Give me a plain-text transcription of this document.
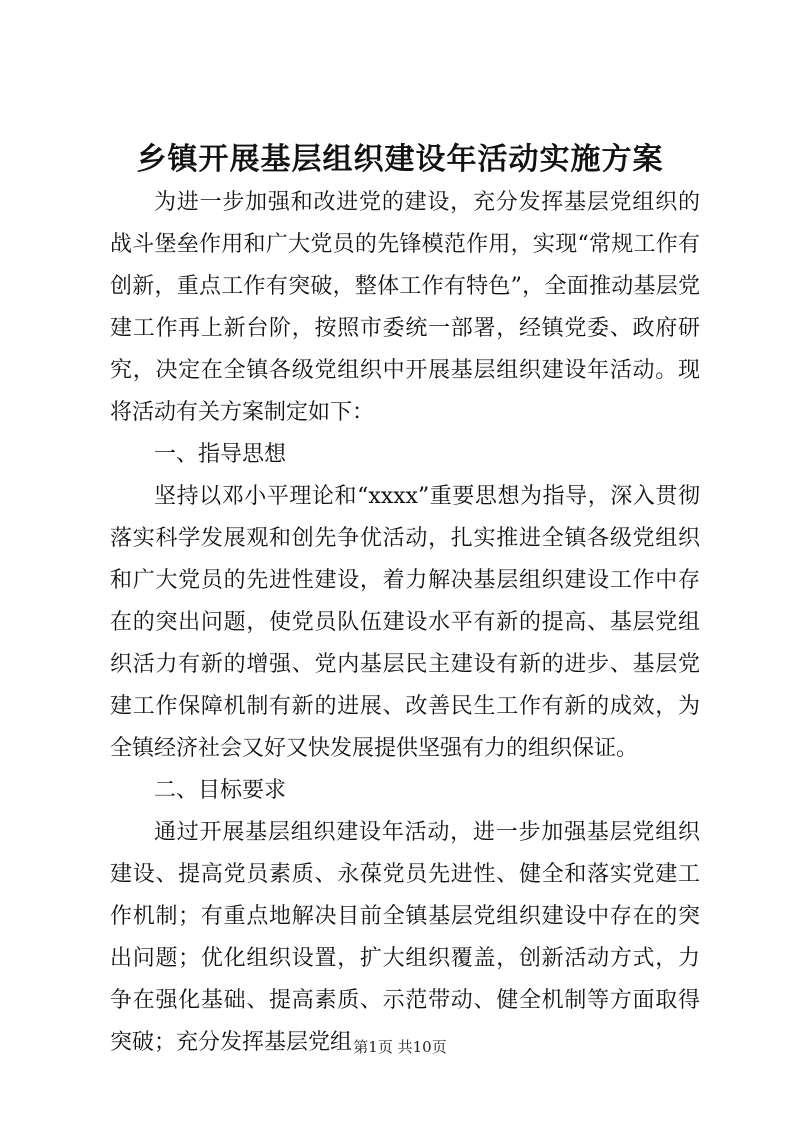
乡镇开展基层组织建设年活动实施方案

为进一步加强和改进党的建设，充分发挥基层党组织的战斗堡垒作用和广大党员的先锋模范作用，实现“常规工作有创新，重点工作有突破，整体工作有特色”，全面推动基层党建工作再上新台阶，按照市委统一部署，经镇党委、政府研究，决定在全镇各级党组织中开展基层组织建设年活动。现将活动有关方案制定如下：

一、指导思想

坚持以邓小平理论和“xxxx”重要思想为指导，深入贯彻落实科学发展观和创先争优活动，扎实推进全镇各级党组织和广大党员的先进性建设，着力解决基层组织建设工作中存在的突出问题，使党员队伍建设水平有新的提高、基层党组织活力有新的增强、党内基层民主建设有新的进步、基层党建工作保障机制有新的进展、改善民生工作有新的成效，为全镇经济社会又好又快发展提供坚强有力的组织保证。

二、目标要求

通过开展基层组织建设年活动，进一步加强基层党组织建设、提高党员素质、永葆党员先进性、健全和落实党建工作机制；有重点地解决目前全镇基层党组织建设中存在的突出问题；优化组织设置，扩大组织覆盖，创新活动方式，力争在强化基础、提高素质、示范带动、健全机制等方面取得突破；充分发挥基层党组 第1页 共10页
